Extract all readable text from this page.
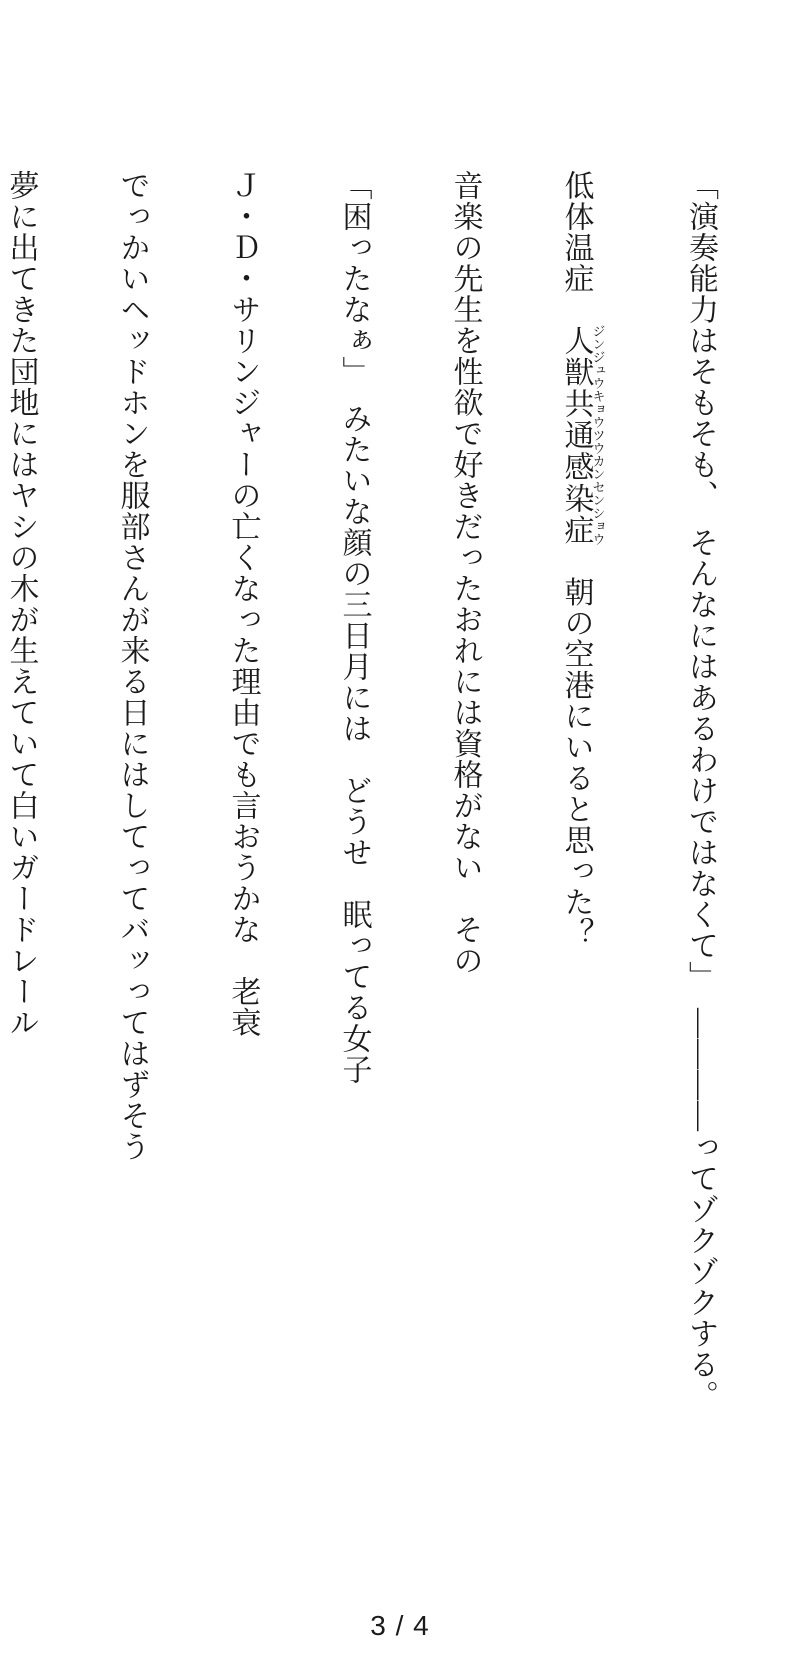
「演奏能力はそもそも、　そんなにはあるわけではなくて」　――――ってゾクゾクする。

低体温症　人獣共通感染症ジンジュウキョウツウカンセンショウ　朝の空港にいると思った？

音楽の先生を性欲で好きだったおれには資格がない　その

「困ったなぁ」　みたいな顔の三日月には　どうせ　眠ってる女子

Ｊ・Ｄ・サリンジャーの亡くなった理由でも言おうかな　老衰

でっかいヘッドホンを服部さんが来る日にはしてってバッってはずそう

夢に出てきた団地にはヤシの木が生えていて白いガードレール

3 / 4
